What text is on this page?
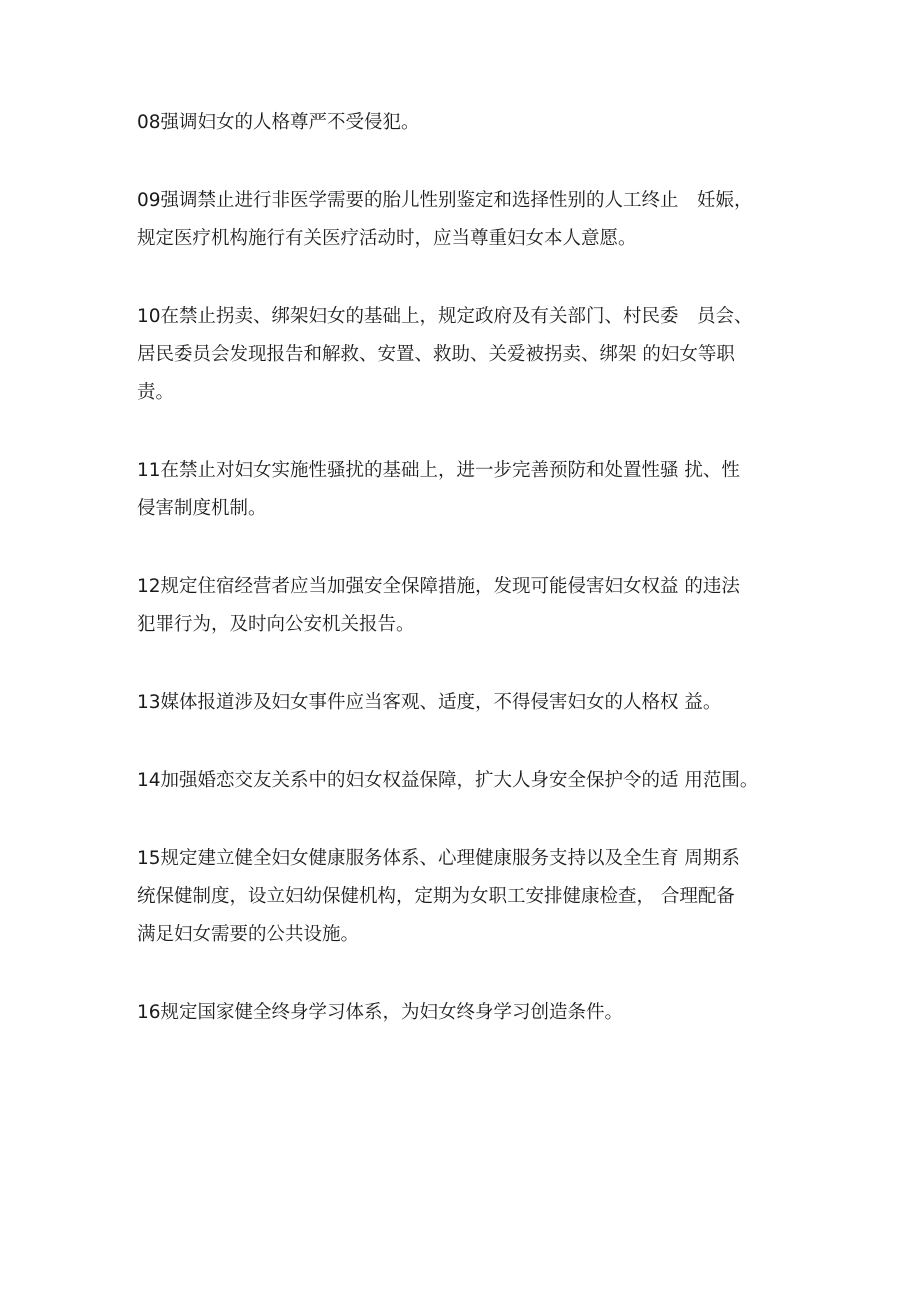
08强调妇女的人格尊严不受侵犯。
09强调禁止进行非医学需要的胎儿性别鉴定和选择性别的人工终止　妊娠，
规定医疗机构施行有关医疗活动时，应当尊重妇女本人意愿。
10在禁止拐卖、绑架妇女的基础上，规定政府及有关部门、村民委　员会、
居民委员会发现报告和解救、安置、救助、关爱被拐卖、绑架 的妇女等职
责。
11在禁止对妇女实施性骚扰的基础上，进一步完善预防和处置性骚 扰、性
侵害制度机制。
12规定住宿经营者应当加强安全保障措施，发现可能侵害妇女权益 的违法
犯罪行为，及时向公安机关报告。
13媒体报道涉及妇女事件应当客观、适度，不得侵害妇女的人格权 益。
14加强婚恋交友关系中的妇女权益保障，扩大人身安全保护令的适 用范围。
15规定建立健全妇女健康服务体系、心理健康服务支持以及全生育 周期系
统保健制度，设立妇幼保健机构，定期为女职工安排健康检查， 合理配备
满足妇女需要的公共设施。
16规定国家健全终身学习体系，为妇女终身学习创造条件。
